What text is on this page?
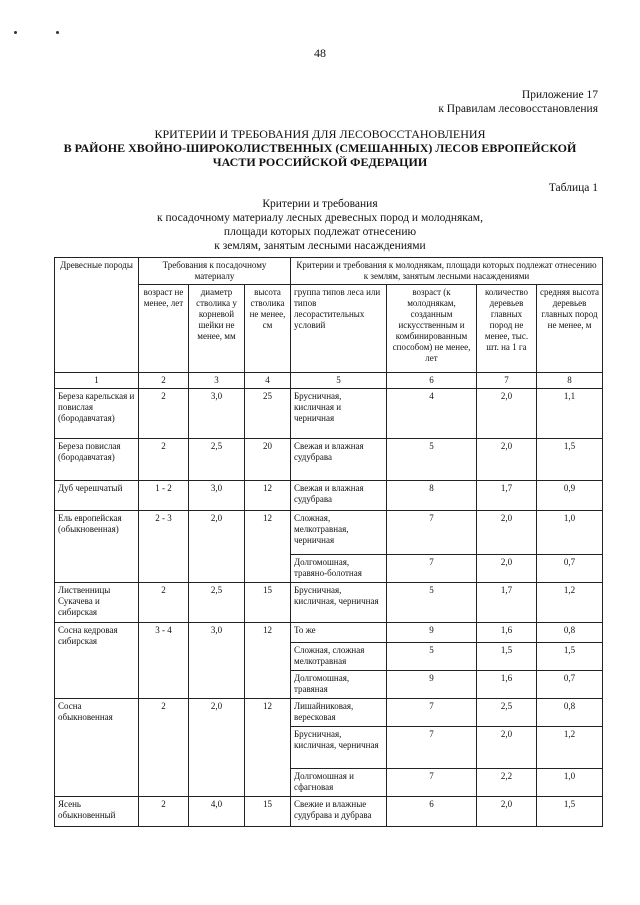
48
Приложение 17
к Правилам лесовосстановления
КРИТЕРИИ И ТРЕБОВАНИЯ ДЛЯ ЛЕСОВОССТАНОВЛЕНИЯ
В РАЙОНЕ ХВОЙНО-ШИРОКОЛИСТВЕННЫХ (СМЕШАННЫХ) ЛЕСОВ ЕВРОПЕЙСКОЙ
ЧАСТИ РОССИЙСКОЙ ФЕДЕРАЦИИ
Таблица 1
Критерии и требования
к посадочному материалу лесных древесных пород и молоднякам,
площади которых подлежат отнесению
к землям, занятым лесными насаждениями
Древесные породы	Требования к посадочному материалу			Критерии и требования к молоднякам, площади которых подлежат отнесению к землям, занятым лесными насаждениями			
	возраст не менее, лет	диаметр стволика у корневой шейки не менее, мм	высота стволика не менее, см	группа типов леса или типов лесорастительных условий	возраст (к молоднякам, созданным искусственным и комбинированным способом) не менее, лет	количество деревьев главных пород не менее, тыс. шт. на 1 га	средняя высота деревьев главных пород не менее, м
1	2	3	4	5	6	7	8
Береза карельская и повислая (бородавчатая)	2	3,0	25	Брусничная, кисличная и черничная	4	2,0	1,1
Береза повислая (бородавчатая)	2	2,5	20	Свежая и влажная судубрава	5	2,0	1,5
Дуб черешчатый	1 - 2	3,0	12	Свежая и влажная судубрава	8	1,7	0,9
Ель европейская (обыкновенная)	2 - 3	2,0	12	Сложная, мелкотравная, черничная	7	2,0	1,0
				Долгомошная, травяно-болотная	7	2,0	0,7
Лиственницы Сукачева и сибирская	2	2,5	15	Брусничная, кисличная, черничная	5	1,7	1,2
Сосна кедровая сибирская	3 - 4	3,0	12	То же	9	1,6	0,8
				Сложная, сложная мелкотравная	5	1,5	1,5
				Долгомошная, травяная	9	1,6	0,7
Сосна обыкновенная	2	2,0	12	Лишайниковая, вересковая	7	2,5	0,8
				Брусничная, кисличная, черничная	7	2,0	1,2
				Долгомошная и сфагновая	7	2,2	1,0
Ясень обыкновенный	2	4,0	15	Свежие и влажные судубрава и дубрава	6	2,0	1,5
